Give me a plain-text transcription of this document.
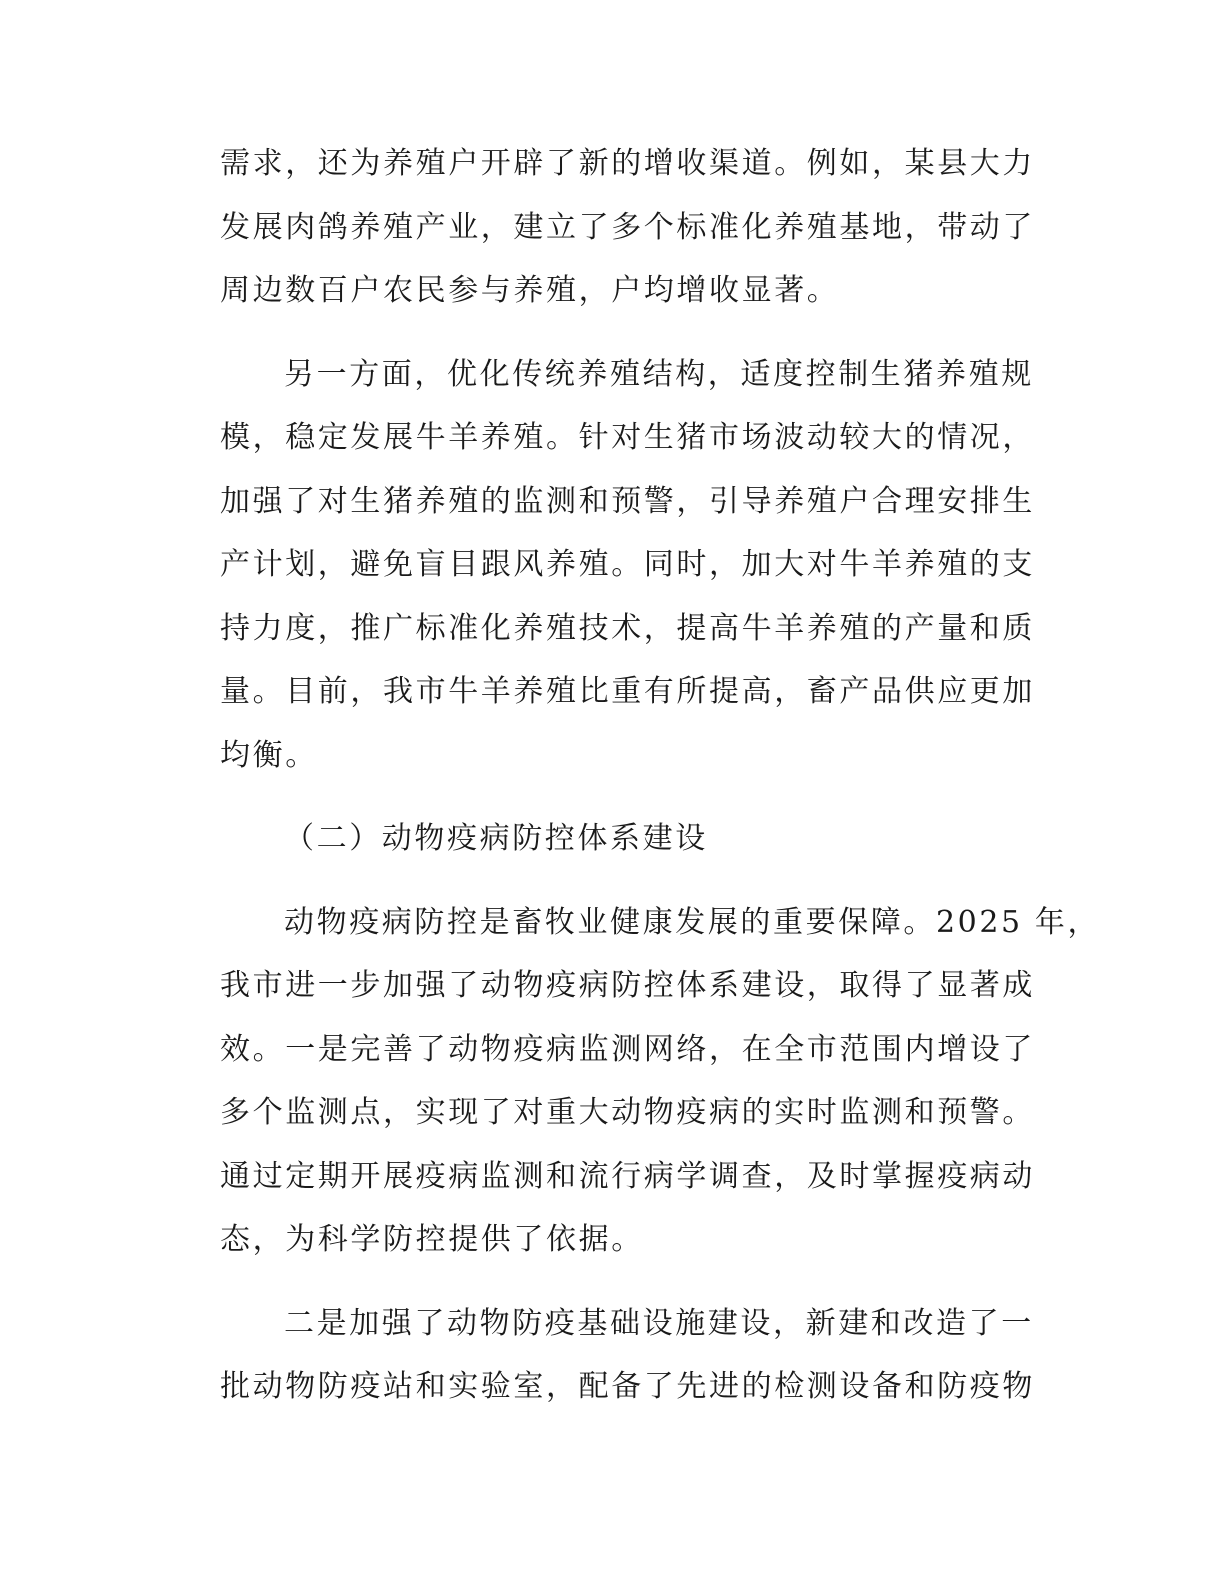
需求，还为养殖户开辟了新的增收渠道。例如，某县大力
发展肉鸽养殖产业，建立了多个标准化养殖基地，带动了
周边数百户农民参与养殖，户均增收显著。
另一方面，优化传统养殖结构，适度控制生猪养殖规
模，稳定发展牛羊养殖。针对生猪市场波动较大的情况，
加强了对生猪养殖的监测和预警，引导养殖户合理安排生
产计划，避免盲目跟风养殖。同时，加大对牛羊养殖的支
持力度，推广标准化养殖技术，提高牛羊养殖的产量和质
量。目前，我市牛羊养殖比重有所提高，畜产品供应更加
均衡。
（二）动物疫病防控体系建设
动物疫病防控是畜牧业健康发展的重要保障。2025 年，
我市进一步加强了动物疫病防控体系建设，取得了显著成
效。一是完善了动物疫病监测网络，在全市范围内增设了
多个监测点，实现了对重大动物疫病的实时监测和预警。
通过定期开展疫病监测和流行病学调查，及时掌握疫病动
态，为科学防控提供了依据。
二是加强了动物防疫基础设施建设，新建和改造了一
批动物防疫站和实验室，配备了先进的检测设备和防疫物
